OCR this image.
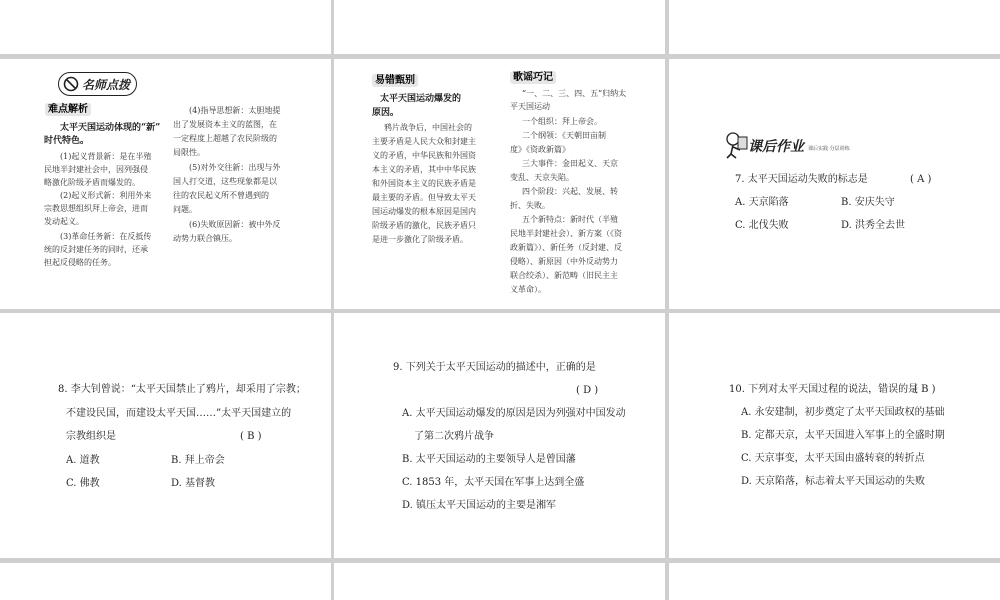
名师点拨
难点解析
太平天国运动体现的“新”
时代特色。
(1)起义背景新：是在半殖
民地半封建社会中，因列强侵
略激化阶级矛盾而爆发的。
(2)起义形式新：利用外来
宗教思想组织拜上帝会，进而
发动起义。
(3)革命任务新：在反抵传
统的反封建任务的同时，还承
担起反侵略的任务。
(4)指导思想新：太胆地提
出了发展资本主义的蓝图，在
一定程度上超越了农民阶级的
局限性。
(5)对外交往新：出现与外
国人打交道，这些现象都是以
往的农民起义所不曾遇到的
问题。
(6)失败原因新：被中外反
动势力联合镇压。
易错甄别
太平天国运动爆发的
原因。
鸦片战争后，中国社会的
主要矛盾是人民大众和封建主
义的矛盾，中华民族和外国资
本主义的矛盾，其中中华民族
和外国资本主义的民族矛盾是
最主要的矛盾。但导致太平天
国运动爆发的根本原因是国内
阶级矛盾的激化，民族矛盾只
是进一步激化了阶级矛盾。
歌谣巧记
“一、二、三、四、五”归纳太
平天国运动
一个组织：拜上帝会。
二个纲领：《天朝田亩制
度》《资政新篇》
三大事件：金田起义、天京
变乱、天京失陷。
四个阶段：兴起、发展、转
折、失败。
五个新特点：新时代（半殖
民地半封建社会）、新方案（《资
政新篇》）、新任务（反封建、反
侵略）、新原因（中外反动势力
联合绞杀）、新范畴（旧民主主
义革命）。
课后作业 课后实践 分层训练
7. 太平天国运动失败的标志是	( A )
A. 天京陷落	B. 安庆失守
C. 北伐失败	D. 洪秀全去世
8. 李大钊曾说：“太平天国禁止了鸦片，却采用了宗教；
不建设民国，而建设太平天国……”太平天国建立的
宗教组织是	( B )
A. 道教	B. 拜上帝会
C. 佛教	D. 基督教
9. 下列关于太平天国运动的描述中，正确的是
( D )
A. 太平天国运动爆发的原因是因为列强对中国发动
了第二次鸦片战争
B. 太平天国运动的主要领导人是曾国藩
C. 1853 年，太平天国在军事上达到全盛
D. 镇压太平天国运动的主要是湘军
10. 下列对太平天国过程的说法，错误的是
( B )
A. 永安建制，初步奠定了太平天国政权的基础
B. 定都天京，太平天国进入军事上的全盛时期
C. 天京事变，太平天国由盛转衰的转折点
D. 天京陷落，标志着太平天国运动的失败
